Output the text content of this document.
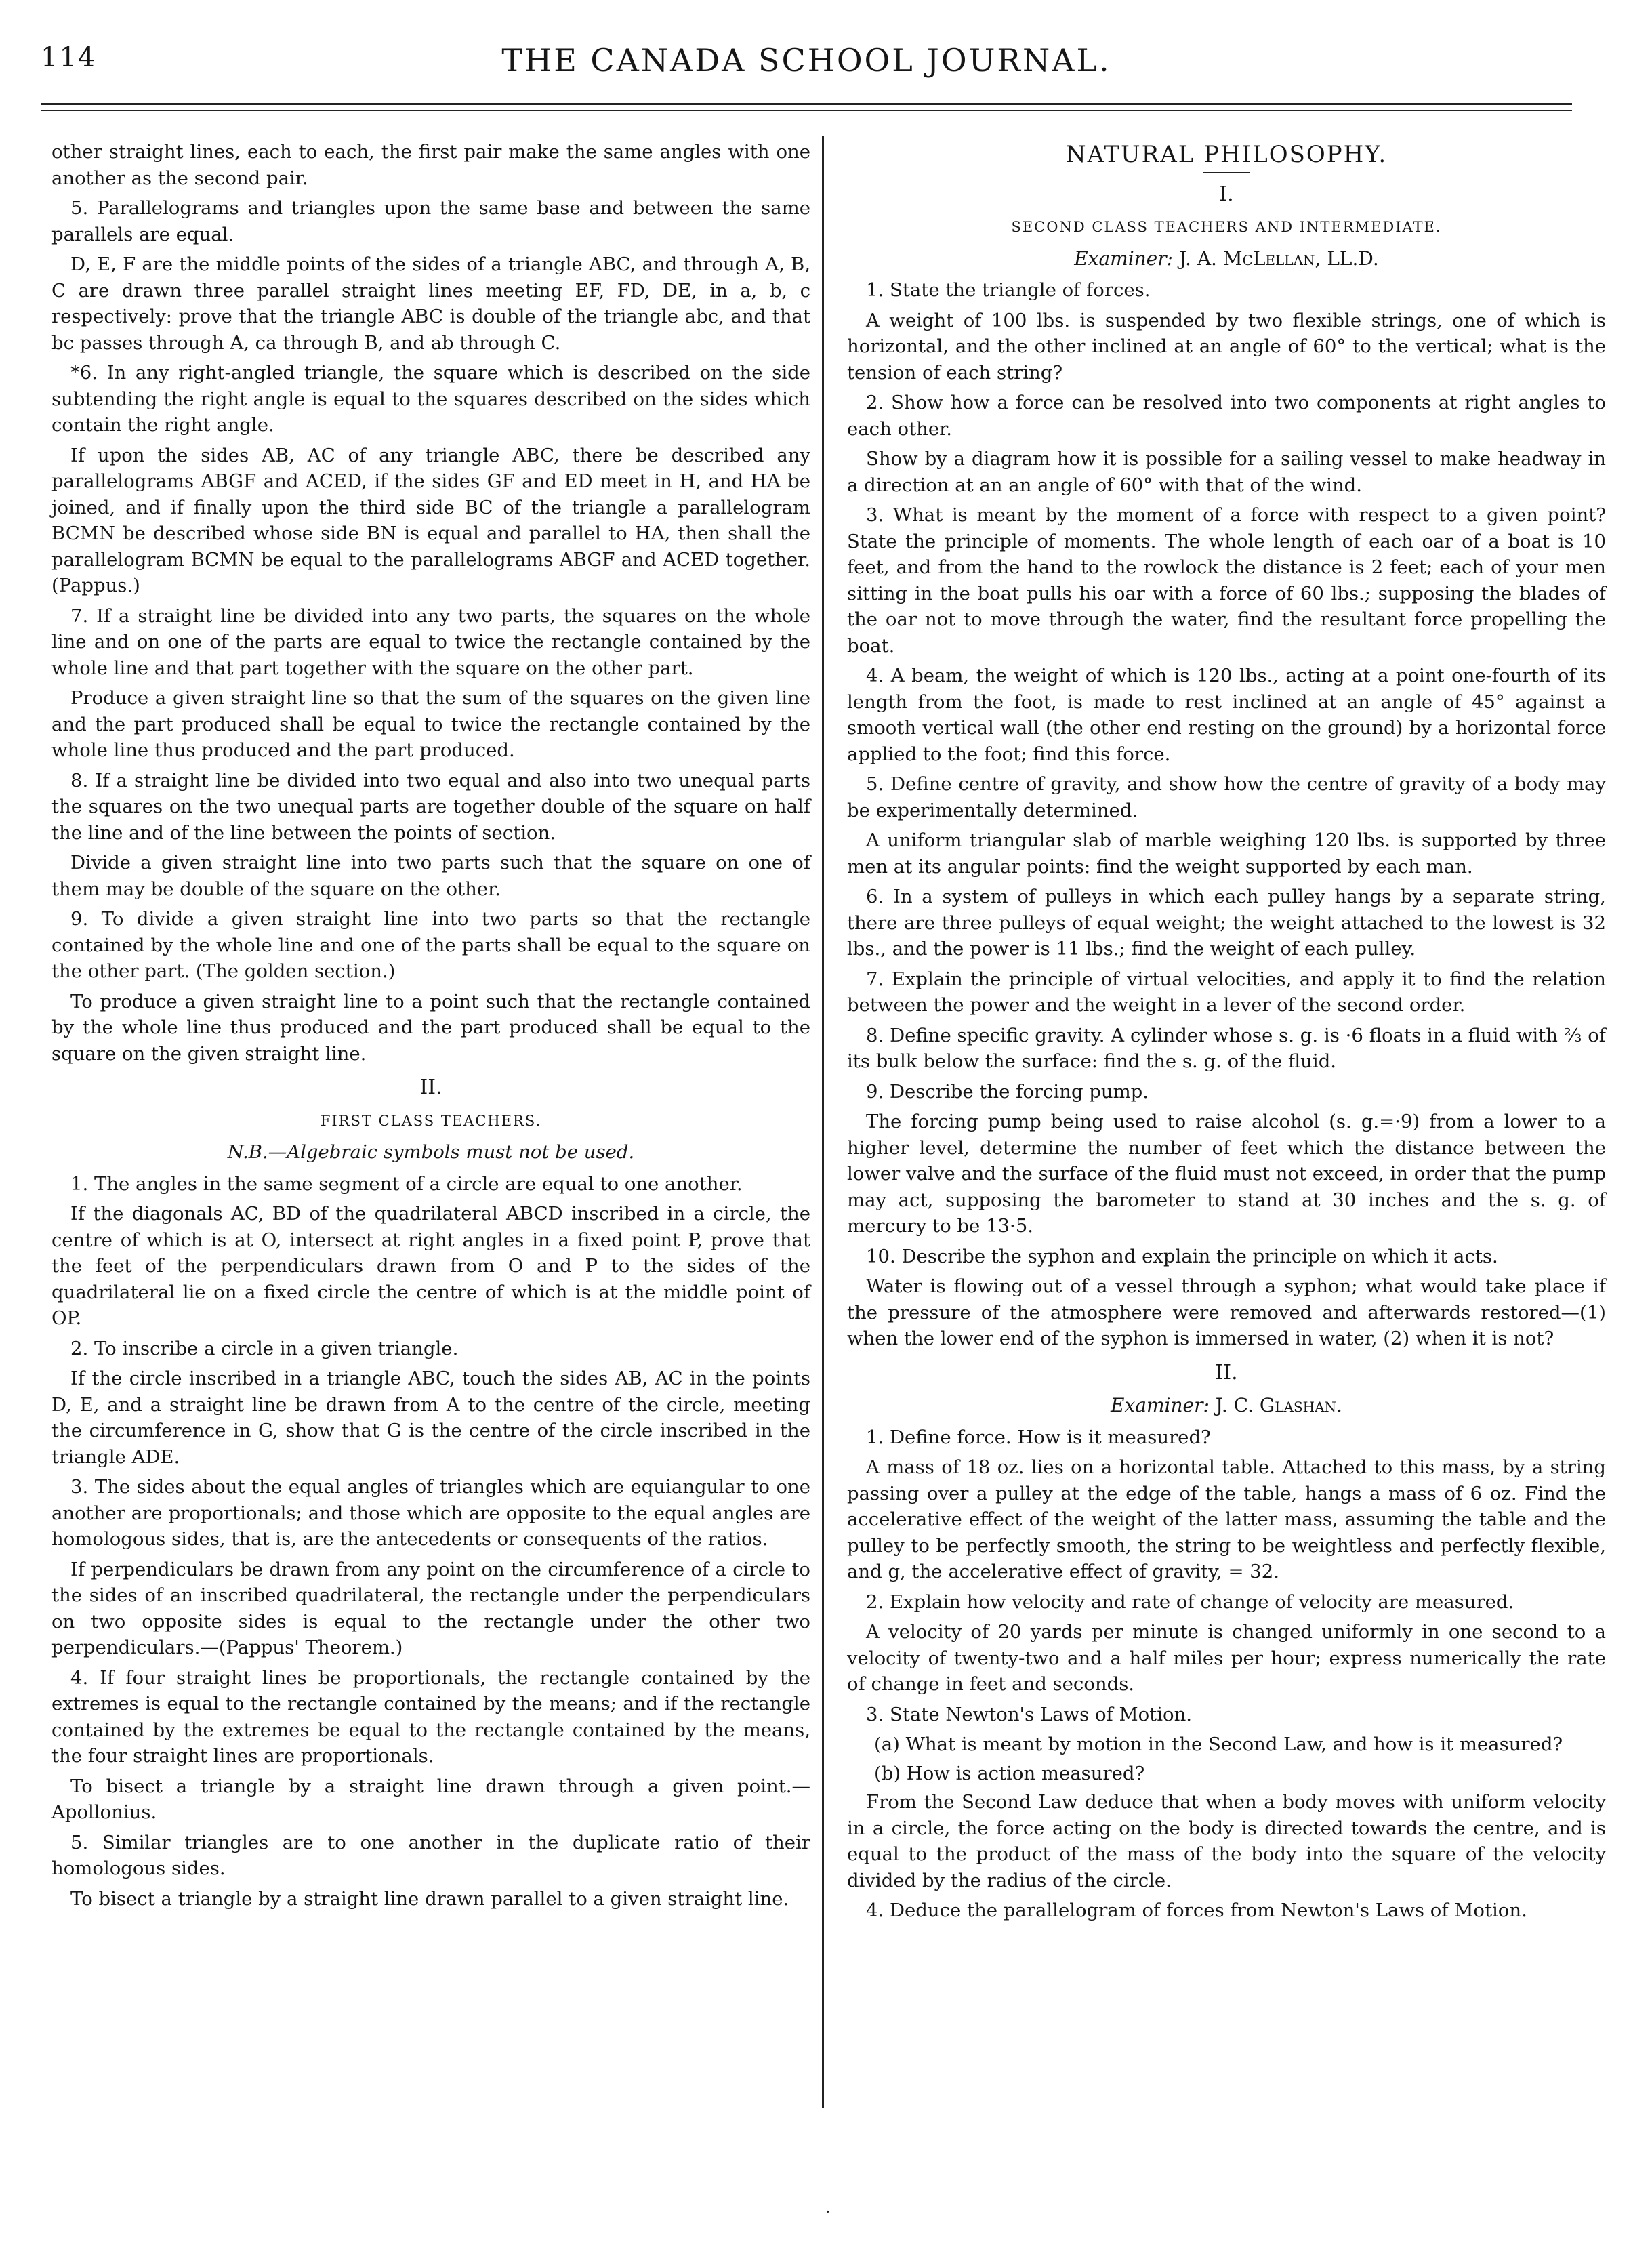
114	THE CANADA SCHOOL JOURNAL.

other straight lines, each to each, the first pair make the same angles with one another as the second pair.

5. Parallelograms and triangles upon the same base and between the same parallels are equal.

D, E, F are the middle points of the sides of a triangle ABC, and through A, B, C are drawn three parallel straight lines meeting EF, FD, DE, in a, b, c respectively: prove that the triangle ABC is double of the triangle abc, and that bc passes through A, ca through B, and ab through C.

*6. In any right-angled triangle, the square which is described on the side subtending the right angle is equal to the squares described on the sides which contain the right angle.

If upon the sides AB, AC of any triangle ABC, there be described any parallelograms ABGF and ACED, if the sides GF and ED meet in H, and HA be joined, and if finally upon the third side BC of the triangle a parallelogram BCMN be described whose side BN is equal and parallel to HA, then shall the parallelogram BCMN be equal to the parallelograms ABGF and ACED together. (Pappus.)

7. If a straight line be divided into any two parts, the squares on the whole line and on one of the parts are equal to twice the rectangle contained by the whole line and that part together with the square on the other part.

Produce a given straight line so that the sum of the squares on the given line and the part produced shall be equal to twice the rectangle contained by the whole line thus produced and the part produced.

8. If a straight line be divided into two equal and also into two unequal parts the squares on the two unequal parts are together double of the square on half the line and of the line between the points of section.

Divide a given straight line into two parts such that the square on one of them may be double of the square on the other.

9. To divide a given straight line into two parts so that the rectangle contained by the whole line and one of the parts shall be equal to the square on the other part. (The golden section.)

To produce a given straight line to a point such that the rectangle contained by the whole line thus produced and the part produced shall be equal to the square on the given straight line.

II.
FIRST CLASS TEACHERS.
N.B.—Algebraic symbols must not be used.

1. The angles in the same segment of a circle are equal to one another.

If the diagonals AC, BD of the quadrilateral ABCD inscribed in a circle, the centre of which is at O, intersect at right angles in a fixed point P, prove that the feet of the perpendiculars drawn from O and P to the sides of the quadrilateral lie on a fixed circle the centre of which is at the middle point of OP.

2. To inscribe a circle in a given triangle.

If the circle inscribed in a triangle ABC, touch the sides AB, AC in the points D, E, and a straight line be drawn from A to the centre of the circle, meeting the circumference in G, show that G is the centre of the circle inscribed in the triangle ADE.

3. The sides about the equal angles of triangles which are equiangular to one another are proportionals; and those which are opposite to the equal angles are homologous sides, that is, are the antecedents or consequents of the ratios.

If perpendiculars be drawn from any point on the circumference of a circle to the sides of an inscribed quadrilateral, the rectangle under the perpendiculars on two opposite sides is equal to the rectangle under the other two perpendiculars.—(Pappus' Theorem.)

4. If four straight lines be proportionals, the rectangle contained by the extremes is equal to the rectangle contained by the means; and if the rectangle contained by the extremes be equal to the rectangle contained by the means, the four straight lines are proportionals.

To bisect a triangle by a straight line drawn through a given point.—Apollonius.

5. Similar triangles are to one another in the duplicate ratio of their homologous sides.

To bisect a triangle by a straight line drawn parallel to a given straight line.

NATURAL PHILOSOPHY.
I.
SECOND CLASS TEACHERS AND INTERMEDIATE.
Examiner: J. A. McLellan, LL.D.

1. State the triangle of forces.

A weight of 100 lbs. is suspended by two flexible strings, one of which is horizontal, and the other inclined at an angle of 60° to the vertical; what is the tension of each string?

2. Show how a force can be resolved into two components at right angles to each other.

Show by a diagram how it is possible for a sailing vessel to make headway in a direction at an an angle of 60° with that of the wind.

3. What is meant by the moment of a force with respect to a given point? State the principle of moments. The whole length of each oar of a boat is 10 feet, and from the hand to the rowlock the distance is 2 feet; each of your men sitting in the boat pulls his oar with a force of 60 lbs.; supposing the blades of the oar not to move through the water, find the resultant force propelling the boat.

4. A beam, the weight of which is 120 lbs., acting at a point one-fourth of its length from the foot, is made to rest inclined at an angle of 45° against a smooth vertical wall (the other end resting on the ground) by a horizontal force applied to the foot; find this force.

5. Define centre of gravity, and show how the centre of gravity of a body may be experimentally determined.

A uniform triangular slab of marble weighing 120 lbs. is supported by three men at its angular points: find the weight supported by each man.

6. In a system of pulleys in which each pulley hangs by a separate string, there are three pulleys of equal weight; the weight attached to the lowest is 32 lbs., and the power is 11 lbs.; find the weight of each pulley.

7. Explain the principle of virtual velocities, and apply it to find the relation between the power and the weight in a lever of the second order.

8. Define specific gravity. A cylinder whose s. g. is ·6 floats in a fluid with ⅔ of its bulk below the surface: find the s. g. of the fluid.

9. Describe the forcing pump.

The forcing pump being used to raise alcohol (s. g.=·9) from a lower to a higher level, determine the number of feet which the distance between the lower valve and the surface of the fluid must not exceed, in order that the pump may act, supposing the barometer to stand at 30 inches and the s. g. of mercury to be 13·5.

10. Describe the syphon and explain the principle on which it acts.

Water is flowing out of a vessel through a syphon; what would take place if the pressure of the atmosphere were removed and afterwards restored—(1) when the lower end of the syphon is immersed in water, (2) when it is not?

II.
Examiner: J. C. Glashan.

1. Define force. How is it measured?

A mass of 18 oz. lies on a horizontal table. Attached to this mass, by a string passing over a pulley at the edge of the table, hangs a mass of 6 oz. Find the accelerative effect of the weight of the latter mass, assuming the table and the pulley to be perfectly smooth, the string to be weightless and perfectly flexible, and g, the accelerative effect of gravity, = 32.

2. Explain how velocity and rate of change of velocity are measured.

A velocity of 20 yards per minute is changed uniformly in one second to a velocity of twenty-two and a half miles per hour; express numerically the rate of change in feet and seconds.

3. State Newton's Laws of Motion.

(a) What is meant by motion in the Second Law, and how is it measured?

(b) How is action measured?

From the Second Law deduce that when a body moves with uniform velocity in a circle, the force acting on the body is directed towards the centre, and is equal to the product of the mass of the body into the square of the velocity divided by the radius of the circle.

4. Deduce the parallelogram of forces from Newton's Laws of Motion.

·
